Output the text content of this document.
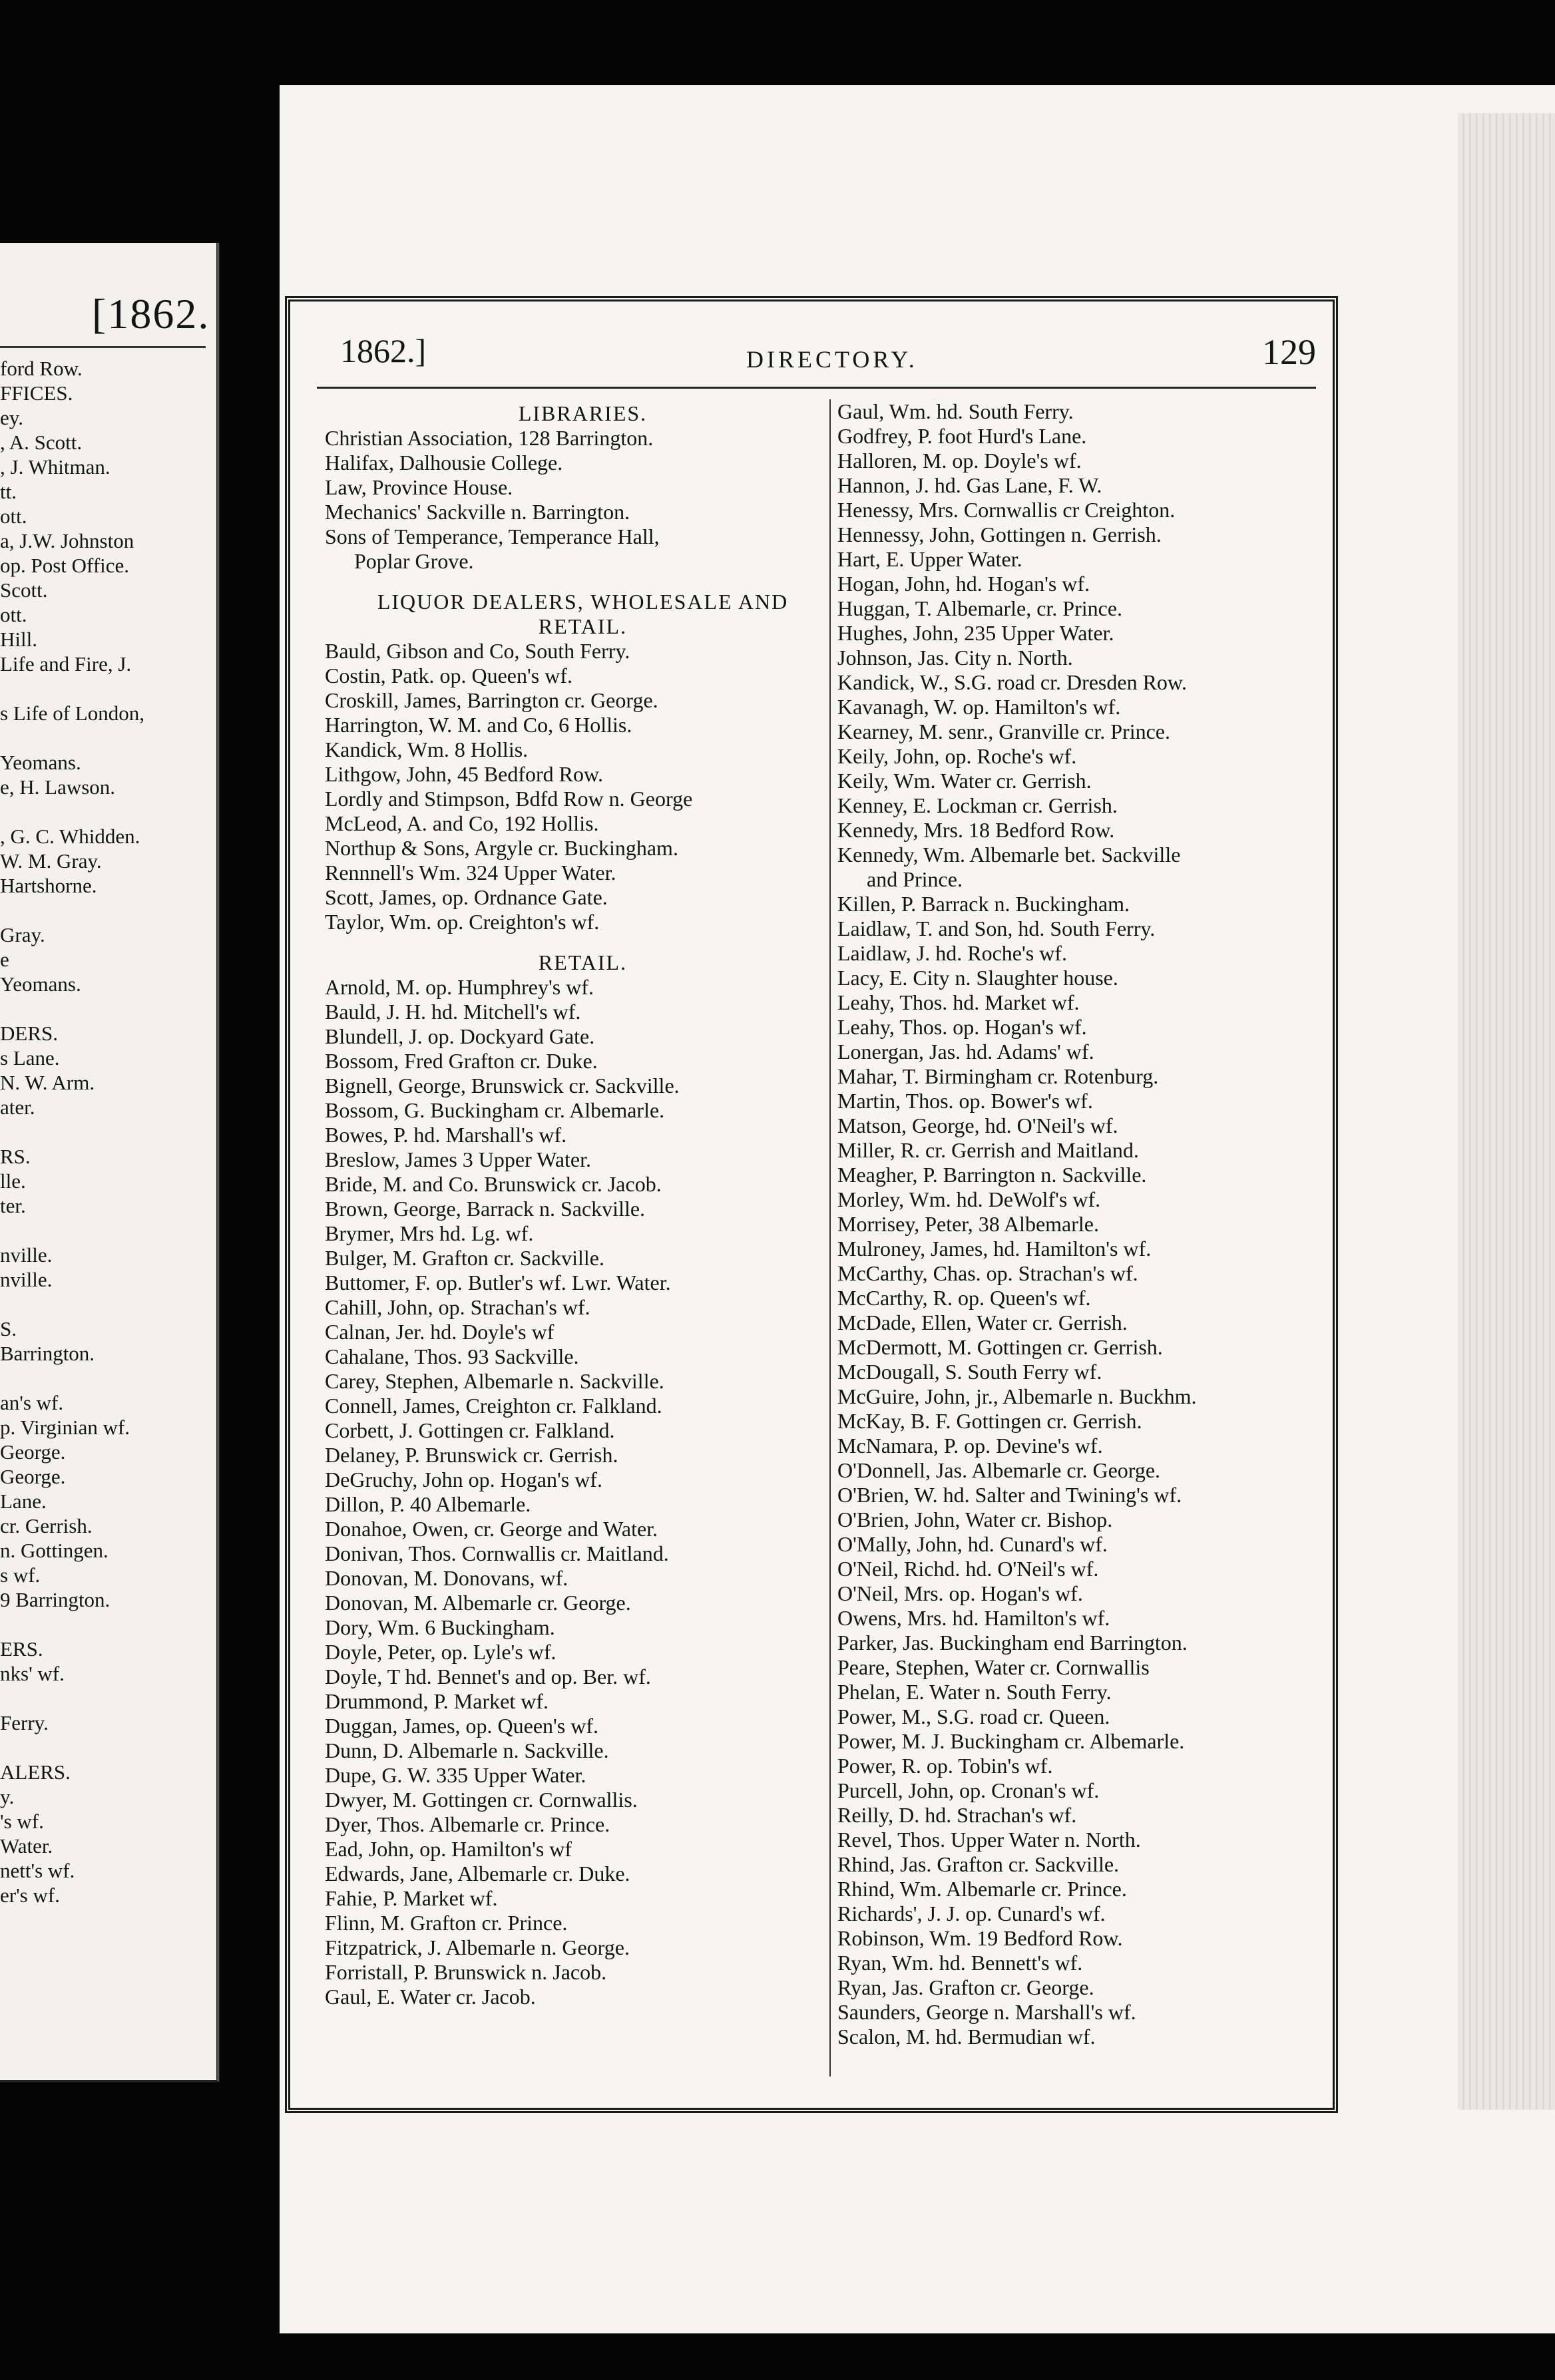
[1862.
ford Row.
FFICES.
ey.
, A. Scott.
, J. Whitman.
tt.
ott.
a, J.W. Johnston
op. Post Office.
Scott.
ott.
Hill.
Life and Fire, J.
s Life of London,
Yeomans.
e, H. Lawson.
, G. C. Whidden.
W. M. Gray.
Hartshorne.
Gray.
e
Yeomans.
DERS.
s Lane.
N. W. Arm.
ater.
RS.
lle.
ter.
nville.
nville.
S.
Barrington.
an's wf.
p. Virginian wf.
George.
George.
Lane.
cr. Gerrish.
n. Gottingen.
s wf.
9 Barrington.
ERS.
nks' wf.
Ferry.
ALERS.
y.
's wf.
Water.
nett's wf.
er's wf.
1862.]	DIRECTORY.	129
LIBRARIES.
Christian Association, 128 Barrington.
Halifax, Dalhousie College.
Law, Province House.
Mechanics' Sackville n. Barrington.
Sons of Temperance, Temperance Hall,
Poplar Grove.
LIQUOR DEALERS, WHOLESALE AND
RETAIL.
Bauld, Gibson and Co, South Ferry.
Costin, Patk. op. Queen's wf.
Croskill, James, Barrington cr. George.
Harrington, W. M. and Co, 6 Hollis.
Kandick, Wm. 8 Hollis.
Lithgow, John, 45 Bedford Row.
Lordly and Stimpson, Bdfd Row n. George
McLeod, A. and Co, 192 Hollis.
Northup & Sons, Argyle cr. Buckingham.
Rennnell's Wm. 324 Upper Water.
Scott, James, op. Ordnance Gate.
Taylor, Wm. op. Creighton's wf.
RETAIL.
Arnold, M. op. Humphrey's wf.
Bauld, J. H. hd. Mitchell's wf.
Blundell, J. op. Dockyard Gate.
Bossom, Fred Grafton cr. Duke.
Bignell, George, Brunswick cr. Sackville.
Bossom, G. Buckingham cr. Albemarle.
Bowes, P. hd. Marshall's wf.
Breslow, James 3 Upper Water.
Bride, M. and Co. Brunswick cr. Jacob.
Brown, George, Barrack n. Sackville.
Brymer, Mrs hd. Lg. wf.
Bulger, M. Grafton cr. Sackville.
Buttomer, F. op. Butler's wf. Lwr. Water.
Cahill, John, op. Strachan's wf.
Calnan, Jer. hd. Doyle's wf
Cahalane, Thos. 93 Sackville.
Carey, Stephen, Albemarle n. Sackville.
Connell, James, Creighton cr. Falkland.
Corbett, J. Gottingen cr. Falkland.
Delaney, P. Brunswick cr. Gerrish.
DeGruchy, John op. Hogan's wf.
Dillon, P. 40 Albemarle.
Donahoe, Owen, cr. George and Water.
Donivan, Thos. Cornwallis cr. Maitland.
Donovan, M. Donovans, wf.
Donovan, M. Albemarle cr. George.
Dory, Wm. 6 Buckingham.
Doyle, Peter, op. Lyle's wf.
Doyle, T hd. Bennet's and op. Ber. wf.
Drummond, P. Market wf.
Duggan, James, op. Queen's wf.
Dunn, D. Albemarle n. Sackville.
Dupe, G. W. 335 Upper Water.
Dwyer, M. Gottingen cr. Cornwallis.
Dyer, Thos. Albemarle cr. Prince.
Ead, John, op. Hamilton's wf
Edwards, Jane, Albemarle cr. Duke.
Fahie, P. Market wf.
Flinn, M. Grafton cr. Prince.
Fitzpatrick, J. Albemarle n. George.
Forristall, P. Brunswick n. Jacob.
Gaul, E. Water cr. Jacob.
Gaul, Wm. hd. South Ferry.
Godfrey, P. foot Hurd's Lane.
Halloren, M. op. Doyle's wf.
Hannon, J. hd. Gas Lane, F. W.
Henessy, Mrs. Cornwallis cr Creighton.
Hennessy, John, Gottingen n. Gerrish.
Hart, E. Upper Water.
Hogan, John, hd. Hogan's wf.
Huggan, T. Albemarle, cr. Prince.
Hughes, John, 235 Upper Water.
Johnson, Jas. City n. North.
Kandick, W., S.G. road cr. Dresden Row.
Kavanagh, W. op. Hamilton's wf.
Kearney, M. senr., Granville cr. Prince.
Keily, John, op. Roche's wf.
Keily, Wm. Water cr. Gerrish.
Kenney, E. Lockman cr. Gerrish.
Kennedy, Mrs. 18 Bedford Row.
Kennedy, Wm. Albemarle bet. Sackville
and Prince.
Killen, P. Barrack n. Buckingham.
Laidlaw, T. and Son, hd. South Ferry.
Laidlaw, J. hd. Roche's wf.
Lacy, E. City n. Slaughter house.
Leahy, Thos. hd. Market wf.
Leahy, Thos. op. Hogan's wf.
Lonergan, Jas. hd. Adams' wf.
Mahar, T. Birmingham cr. Rotenburg.
Martin, Thos. op. Bower's wf.
Matson, George, hd. O'Neil's wf.
Miller, R. cr. Gerrish and Maitland.
Meagher, P. Barrington n. Sackville.
Morley, Wm. hd. DeWolf's wf.
Morrisey, Peter, 38 Albemarle.
Mulroney, James, hd. Hamilton's wf.
McCarthy, Chas. op. Strachan's wf.
McCarthy, R. op. Queen's wf.
McDade, Ellen, Water cr. Gerrish.
McDermott, M. Gottingen cr. Gerrish.
McDougall, S. South Ferry wf.
McGuire, John, jr., Albemarle n. Buckhm.
McKay, B. F. Gottingen cr. Gerrish.
McNamara, P. op. Devine's wf.
O'Donnell, Jas. Albemarle cr. George.
O'Brien, W. hd. Salter and Twining's wf.
O'Brien, John, Water cr. Bishop.
O'Mally, John, hd. Cunard's wf.
O'Neil, Richd. hd. O'Neil's wf.
O'Neil, Mrs. op. Hogan's wf.
Owens, Mrs. hd. Hamilton's wf.
Parker, Jas. Buckingham end Barrington.
Peare, Stephen, Water cr. Cornwallis
Phelan, E. Water n. South Ferry.
Power, M., S.G. road cr. Queen.
Power, M. J. Buckingham cr. Albemarle.
Power, R. op. Tobin's wf.
Purcell, John, op. Cronan's wf.
Reilly, D. hd. Strachan's wf.
Revel, Thos. Upper Water n. North.
Rhind, Jas. Grafton cr. Sackville.
Rhind, Wm. Albemarle cr. Prince.
Richards', J. J. op. Cunard's wf.
Robinson, Wm. 19 Bedford Row.
Ryan, Wm. hd. Bennett's wf.
Ryan, Jas. Grafton cr. George.
Saunders, George n. Marshall's wf.
Scalon, M. hd. Bermudian wf.
